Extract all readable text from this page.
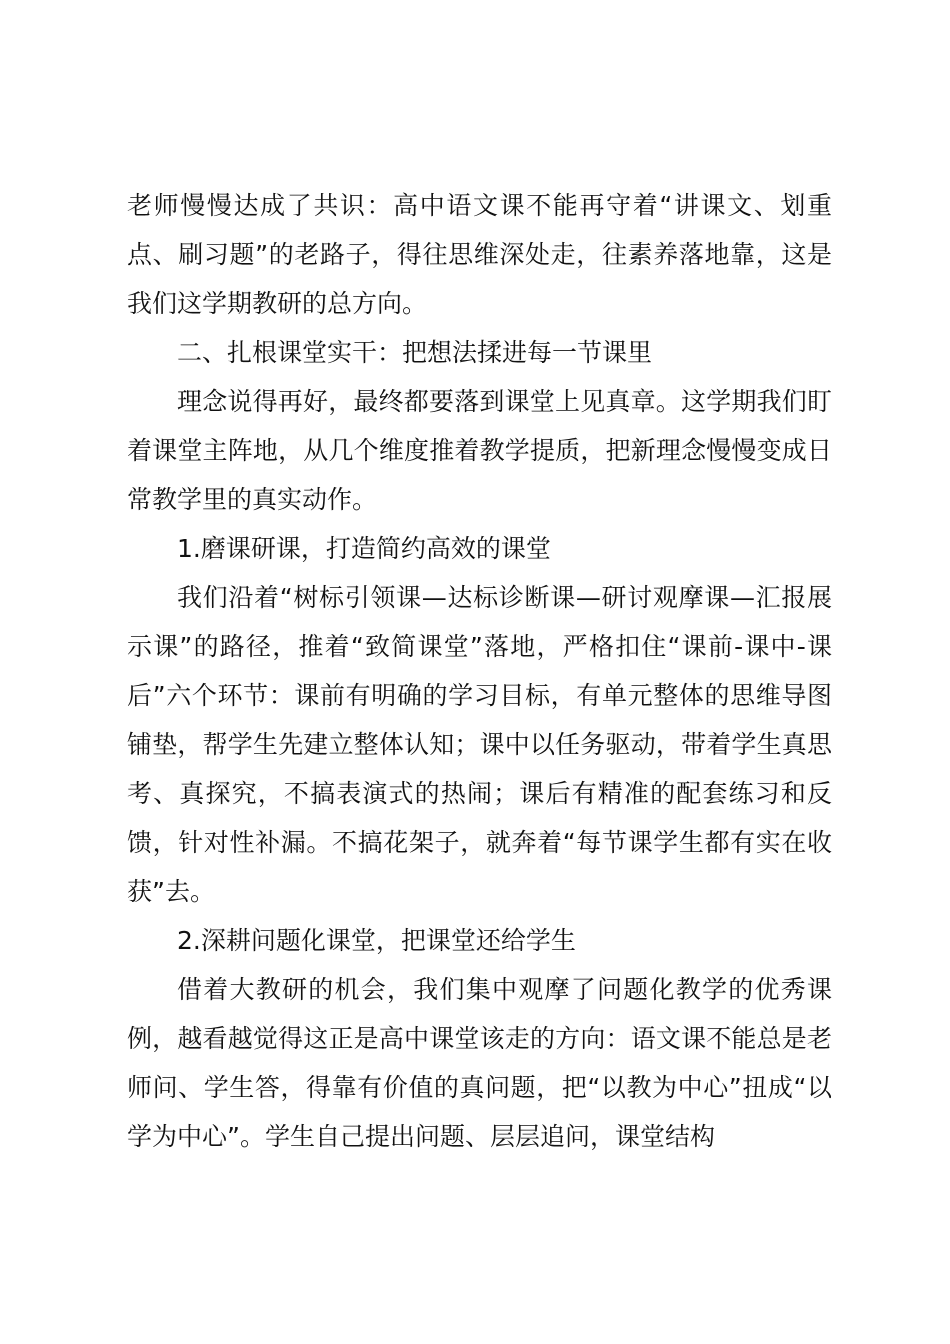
老师慢慢达成了共识：高中语文课不能再守着“讲课文、划重点、刷习题”的老路子，得往思维深处走，往素养落地靠，这是我们这学期教研的总方向。

二、扎根课堂实干：把想法揉进每一节课里

理念说得再好，最终都要落到课堂上见真章。这学期我们盯着课堂主阵地，从几个维度推着教学提质，把新理念慢慢变成日常教学里的真实动作。

1.磨课研课，打造简约高效的课堂

我们沿着“树标引领课—达标诊断课—研讨观摩课—汇报展示课”的路径，推着“致简课堂”落地，严格扣住“课前-课中-课后”六个环节：课前有明确的学习目标，有单元整体的思维导图铺垫，帮学生先建立整体认知；课中以任务驱动，带着学生真思考、真探究，不搞表演式的热闹；课后有精准的配套练习和反馈，针对性补漏。不搞花架子，就奔着“每节课学生都有实在收获”去。

2.深耕问题化课堂，把课堂还给学生

借着大教研的机会，我们集中观摩了问题化教学的优秀课例，越看越觉得这正是高中课堂该走的方向：语文课不能总是老师问、学生答，得靠有价值的真问题，把“以教为中心”扭成“以学为中心”。学生自己提出问题、层层追问，课堂结构
